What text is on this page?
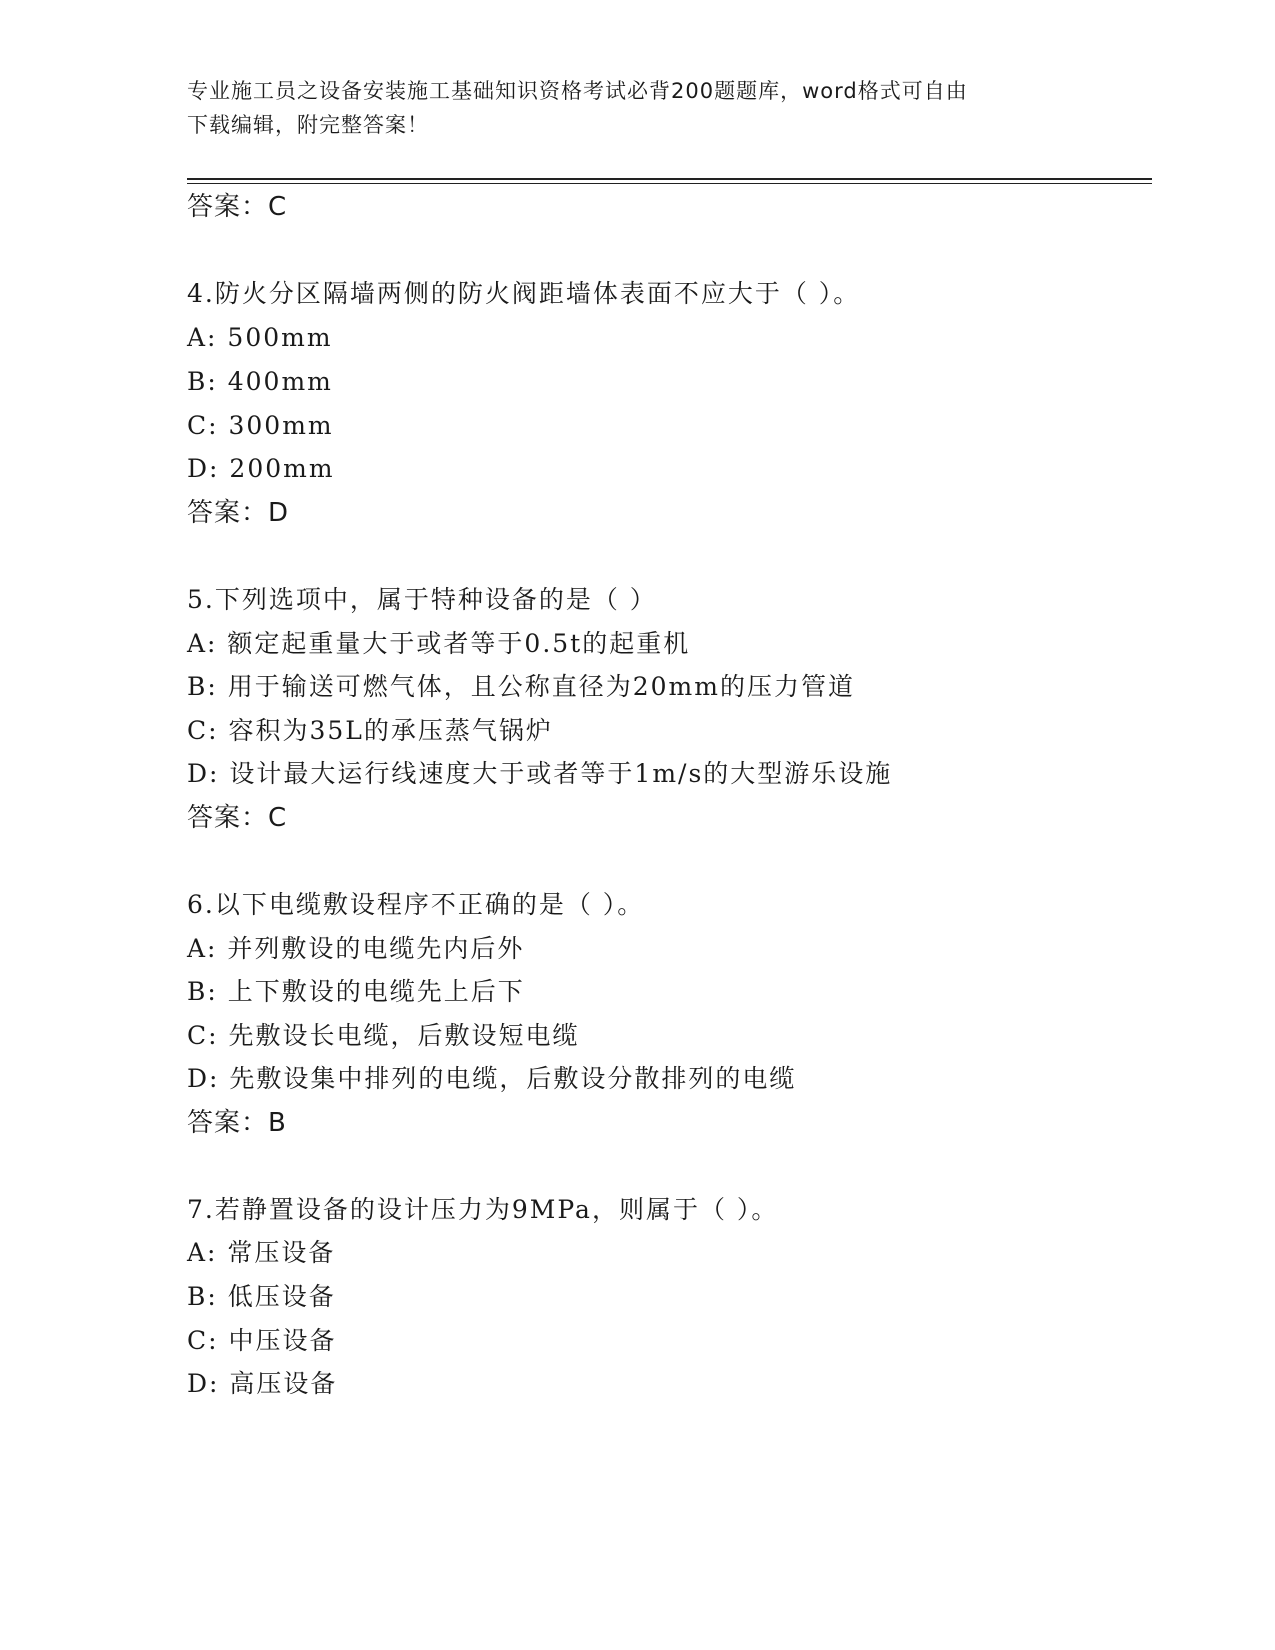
专业施工员之设备安装施工基础知识资格考试必背200题题库，word格式可自由
下载编辑，附完整答案！
答案：C
4.防火分区隔墙两侧的防火阀距墙体表面不应大于（ ）。
A: 500mm
B: 400mm
C: 300mm
D: 200mm
答案：D
5.下列选项中，属于特种设备的是（ ）
A: 额定起重量大于或者等于0.5t的起重机
B: 用于输送可燃气体，且公称直径为20mm的压力管道
C: 容积为35L的承压蒸气锅炉
D: 设计最大运行线速度大于或者等于1m/s的大型游乐设施
答案：C
6.以下电缆敷设程序不正确的是（ ）。
A: 并列敷设的电缆先内后外
B: 上下敷设的电缆先上后下
C: 先敷设长电缆，后敷设短电缆
D: 先敷设集中排列的电缆，后敷设分散排列的电缆
答案：B
7.若静置设备的设计压力为9MPa，则属于（ ）。
A: 常压设备
B: 低压设备
C: 中压设备
D: 高压设备
